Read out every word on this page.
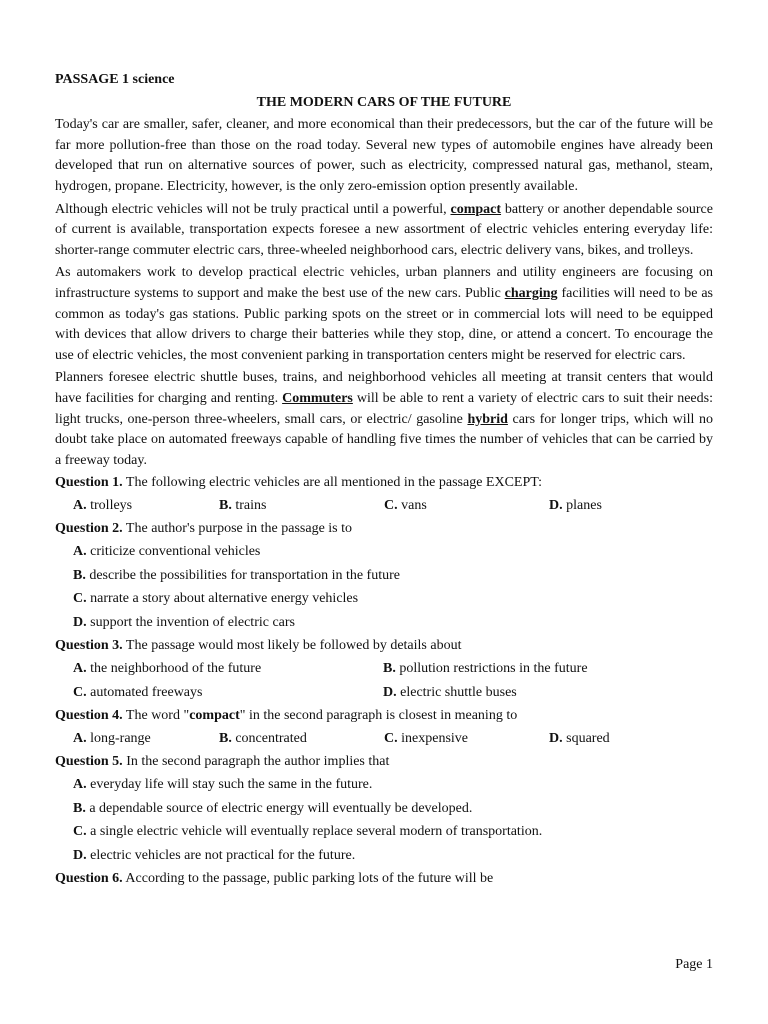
PASSAGE 1 science
THE MODERN CARS OF THE FUTURE

Today's car are smaller, safer, cleaner, and more economical than their predecessors, but the car of the future will be far more pollution-free than those on the road today. Several new types of automobile engines have already been developed that run on alternative sources of power, such as electricity, compressed natural gas, methanol, steam, hydrogen, propane. Electricity, however, is the only zero-emission option presently available.

Although electric vehicles will not be truly practical until a powerful, compact battery or another dependable source of current is available, transportation expects foresee a new assortment of electric vehicles entering everyday life: shorter-range commuter electric cars, three-wheeled neighborhood cars, electric delivery vans, bikes, and trolleys.

As automakers work to develop practical electric vehicles, urban planners and utility engineers are focusing on infrastructure systems to support and make the best use of the new cars. Public charging facilities will need to be as common as today's gas stations. Public parking spots on the street or in commercial lots will need to be equipped with devices that allow drivers to charge their batteries while they stop, dine, or attend a concert. To encourage the use of electric vehicles, the most convenient parking in transportation centers might be reserved for electric cars.

Planners foresee electric shuttle buses, trains, and neighborhood vehicles all meeting at transit centers that would have facilities for charging and renting. Commuters will be able to rent a variety of electric cars to suit their needs: light trucks, one-person three-wheelers, small cars, or electric/ gasoline hybrid cars for longer trips, which will no doubt take place on automated freeways capable of handling five times the number of vehicles that can be carried by a freeway today.

Question 1. The following electric vehicles are all mentioned in the passage EXCEPT:
A. trolleys	B. trains	C. vans	D. planes
Question 2. The author's purpose in the passage is to
A. criticize conventional vehicles
B. describe the possibilities for transportation in the future
C. narrate a story about alternative energy vehicles
D. support the invention of electric cars
Question 3. The passage would most likely be followed by details about
A. the neighborhood of the future	B. pollution restrictions in the future
C. automated freeways	D. electric shuttle buses
Question 4. The word "compact" in the second paragraph is closest in meaning to
A. long-range	B. concentrated	C. inexpensive	D. squared
Question 5. In the second paragraph the author implies that
A. everyday life will stay such the same in the future.
B. a dependable source of electric energy will eventually be developed.
C. a single electric vehicle will eventually replace several modern of transportation.
D. electric vehicles are not practical for the future.
Question 6. According to the passage, public parking lots of the future will be
Page 1
